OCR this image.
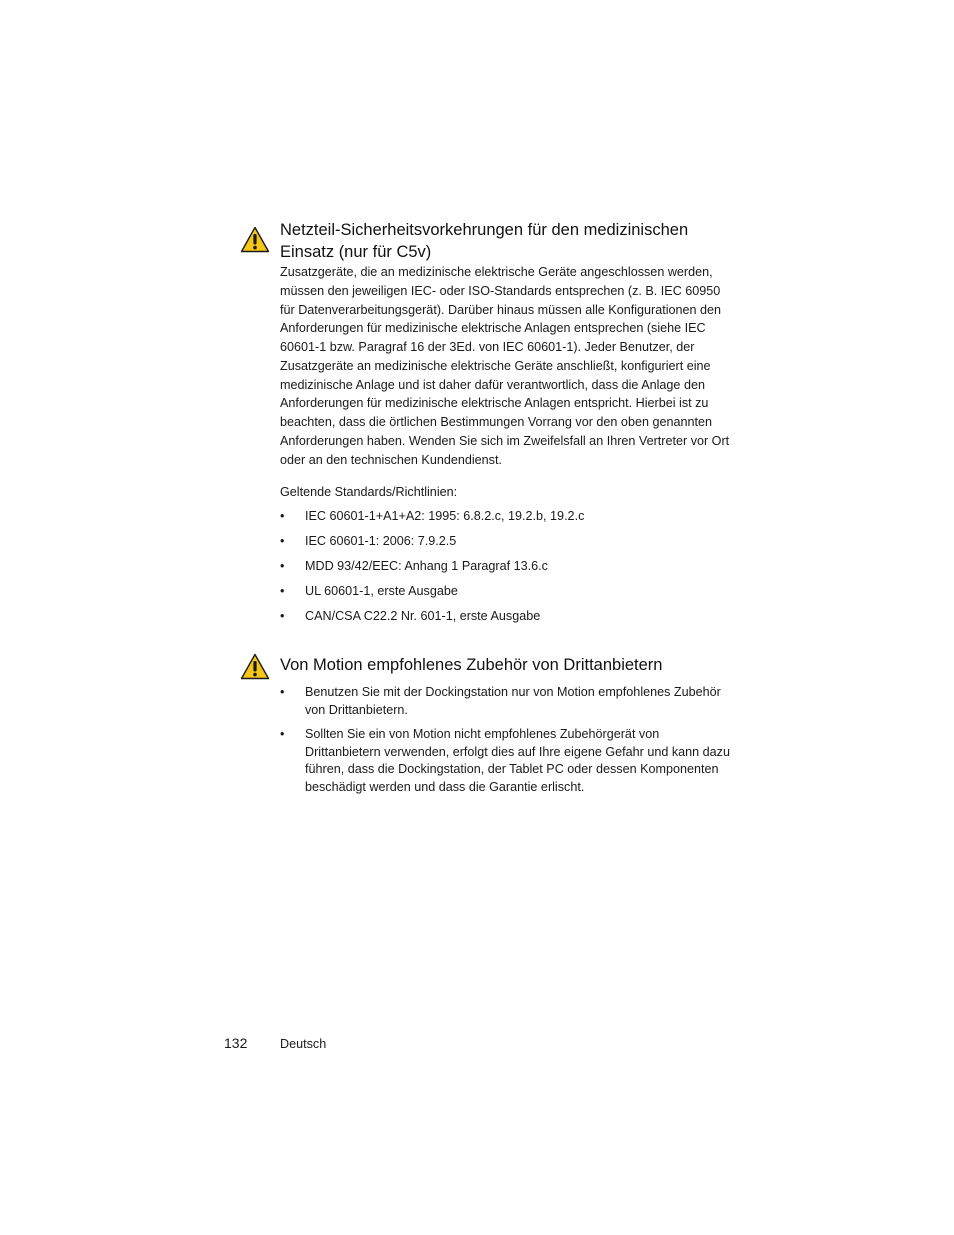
Netzteil-Sicherheitsvorkehrungen für den medizinischen
Einsatz (nur für C5v)

Zusatzgeräte, die an medizinische elektrische Geräte angeschlossen werden, müssen den jeweiligen IEC- oder ISO-Standards entsprechen (z. B. IEC 60950 für Datenverarbeitungsgerät). Darüber hinaus müssen alle Konfigurationen den Anforderungen für medizinische elektrische Anlagen entsprechen (siehe IEC 60601-1 bzw. Paragraf 16 der 3Ed. von IEC 60601-1). Jeder Benutzer, der Zusatzgeräte an medizinische elektrische Geräte anschließt, konfiguriert eine medizinische Anlage und ist daher dafür verantwortlich, dass die Anlage den Anforderungen für medizinische elektrische Anlagen entspricht. Hierbei ist zu beachten, dass die örtlichen Bestimmungen Vorrang vor den oben genannten Anforderungen haben. Wenden Sie sich im Zweifelsfall an Ihren Vertreter vor Ort oder an den technischen Kundendienst.

Geltende Standards/Richtlinien:

• IEC 60601-1+A1+A2: 1995: 6.8.2.c, 19.2.b, 19.2.c
• IEC 60601-1: 2006: 7.9.2.5
• MDD 93/42/EEC: Anhang 1 Paragraf 13.6.c
• UL 60601-1, erste Ausgabe
• CAN/CSA C22.2 Nr. 601-1, erste Ausgabe
Von Motion empfohlenes Zubehör von Drittanbietern
• Benutzen Sie mit der Dockingstation nur von Motion empfohlenes Zubehör von Drittanbietern.
• Sollten Sie ein von Motion nicht empfohlenes Zubehörgerät von Drittanbietern verwenden, erfolgt dies auf Ihre eigene Gefahr und kann dazu führen, dass die Dockingstation, der Tablet PC oder dessen Komponenten beschädigt werden und dass die Garantie erlischt.
132	Deutsch
